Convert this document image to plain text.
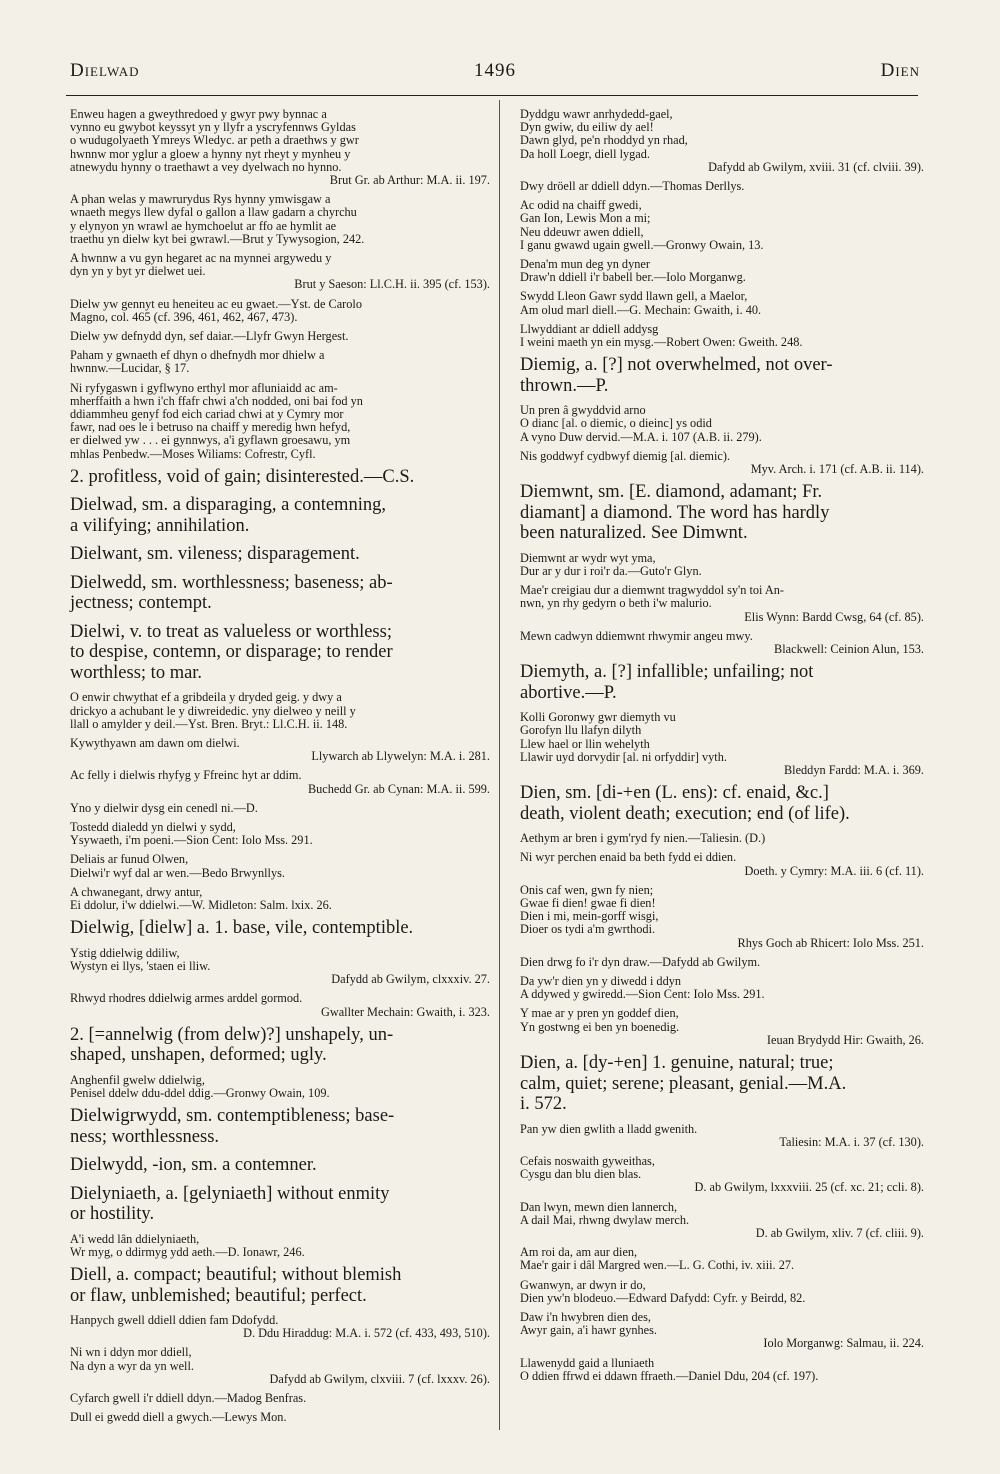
Dielwad	1496	Dien
Enweu hagen a gweythredoed y gwyr pwy bynnac a
vynno eu gwybot keyssyt yn y llyfr a yscryfennws Gyldas
o wudugolyaeth Ymreys Wledyc. ar peth a draethws y gwr
hwnnw mor yglur a gloew a hynny nyt rheyt y mynheu y
atnewydu hynny o traethawt a vey dyelwach no hynno.
Brut Gr. ab Arthur: M.A. ii. 197.
A phan welas y mawrurydus Rys hynny ymwisgaw a
wnaeth megys llew dyfal o gallon a llaw gadarn a chyrchu
y elynyon yn wrawl ae hymchoelut ar ffo ae hymlit ae
traethu yn dielw kyt bei gwrawl.—Brut y Tywysogion, 242.
A hwnnw a vu gyn hegaret ac na mynnei argywedu y
dyn yn y byt yr dielwet uei.
Brut y Saeson: Ll.C.H. ii. 395 (cf. 153).
Dielw yw gennyt eu heneiteu ac eu gwaet.—Yst. de Carolo
Magno, col. 465 (cf. 396, 461, 462, 467, 473).
Dielw yw defnydd dyn, sef daiar.—Llyfr Gwyn Hergest.
Paham y gwnaeth ef dhyn o dhefnydh mor dhielw a
hwnnw.—Lucidar, § 17.
Ni ryfygaswn i gyflwyno erthyl mor afluniaidd ac am-
mherffaith a hwn i'ch ffafr chwi a'ch nodded, oni bai fod yn
ddiammheu genyf fod eich cariad chwi at y Cymry mor
fawr, nad oes le i betruso na chaiff y meredig hwn hefyd,
er dielwed yw . . . ei gynnwys, a'i gyflawn groesawu, ym
mhlas Penbedw.—Moses Wiliams: Cofrestr, Cyfl.
2. profitless, void of gain; disinterested.—C.S.
Dielwad, sm. a disparaging, a contemning,
a vilifying; annihilation.
Dielwant, sm. vileness; disparagement.
Dielwedd, sm. worthlessness; baseness; ab-
jectness; contempt.
Dielwi, v. to treat as valueless or worthless;
to despise, contemn, or disparage; to render
worthless; to mar.
O enwir chwythat ef a gribdeila y dryded geig. y dwy a
drickyo a achubant le y diwreidedic. yny dielweo y neill y
llall o amylder y deil.—Yst. Bren. Bryt.: Ll.C.H. ii. 148.
Kywythyawn am dawn om dielwi.
Llywarch ab Llywelyn: M.A. i. 281.
Ac felly i dielwis rhyfyg y Ffreinc hyt ar ddim.
Buchedd Gr. ab Cynan: M.A. ii. 599.
Yno y dielwir dysg ein cenedl ni.—D.
Tostedd dialedd yn dielwi y sydd,
Ysywaeth, i'm poeni.—Sion Cent: Iolo Mss. 291.
Deliais ar funud Olwen,
Dielwi'r wyf dal ar wen.—Bedo Brwynllys.
A chwanegant, drwy antur,
Ei ddolur, i'w ddielwi.—W. Midleton: Salm. lxix. 26.
Dielwig, [dielw] a. 1. base, vile, contemptible.
Ystig ddielwig ddiliw,
Wystyn ei llys, 'staen ei lliw.
Dafydd ab Gwilym, clxxxiv. 27.
Rhwyd rhodres ddielwig armes arddel gormod.
Gwallter Mechain: Gwaith, i. 323.
2. [=annelwig (from delw)?] unshapely, un-
shaped, unshapen, deformed; ugly.
Anghenfil gwelw ddielwig,
Penisel ddelw ddu-ddel ddig.—Gronwy Owain, 109.
Dielwigrwydd, sm. contemptibleness; base-
ness; worthlessness.
Dielwydd, -ion, sm. a contemner.
Dielyniaeth, a. [gelyniaeth] without enmity
or hostility.
A'i wedd lân ddielyniaeth,
Wr myg, o ddirmyg ydd aeth.—D. Ionawr, 246.
Diell, a. compact; beautiful; without blemish
or flaw, unblemished; beautiful; perfect.
Hanpych gwell ddiell ddien fam Ddofydd.
D. Ddu Hiraddug: M.A. i. 572 (cf. 433, 493, 510).
Ni wn i ddyn mor ddiell,
Na dyn a wyr da yn well.
Dafydd ab Gwilym, clxviii. 7 (cf. lxxxv. 26).
Cyfarch gwell i'r ddiell ddyn.—Madog Benfras.
Dull ei gwedd diell a gwych.—Lewys Mon.
Dyddgu wawr anrhydedd-gael,
Dyn gwiw, du eiliw dy ael!
Dawn glyd, pe'n rhoddyd yn rhad,
Da holl Loegr, diell lygad.
Dafydd ab Gwilym, xviii. 31 (cf. clviii. 39).
Dwy dröell ar ddiell ddyn.—Thomas Derllys.
Ac odid na chaiff gwedi,
Gan Ion, Lewis Mon a mi;
Neu ddeuwr awen ddiell,
I ganu gwawd ugain gwell.—Gronwy Owain, 13.
Dena'm mun deg yn dyner
Draw'n ddiell i'r babell ber.—Iolo Morganwg.
Swydd Lleon Gawr sydd llawn gell, a Maelor,
Am olud marl diell.—G. Mechain: Gwaith, i. 40.
Llwyddiant ar ddiell addysg
I weini maeth yn ein mysg.—Robert Owen: Gweith. 248.
Diemig, a. [?] not overwhelmed, not over-
thrown.—P.
Un pren â gwyddvid arno
O dianc [al. o diemic, o dieinc] ys odid
A vyno Duw dervid.—M.A. i. 107 (A.B. ii. 279).
Nis goddwyf cydbwyf diemig [al. diemic).
Myv. Arch. i. 171 (cf. A.B. ii. 114).
Diemwnt, sm. [E. diamond, adamant; Fr.
diamant] a diamond. The word has hardly
been naturalized. See Dimwnt.
Diemwnt ar wydr wyt yma,
Dur ar y dur i roi'r da.—Guto'r Glyn.
Mae'r creigiau dur a diemwnt tragwyddol sy'n toi An-
nwn, yn rhy gedyrn o beth i'w malurio.
Elis Wynn: Bardd Cwsg, 64 (cf. 85).
Mewn cadwyn ddiemwnt rhwymir angeu mwy.
Blackwell: Ceinion Alun, 153.
Diemyth, a. [?] infallible; unfailing; not
abortive.—P.
Kolli Goronwy gwr diemyth vu
Gorofyn llu llafyn dilyth
Llew hael or llin wehelyth
Llawir uyd dorvydir [al. ni orfyddir] vyth.
Bleddyn Fardd: M.A. i. 369.
Dien, sm. [di-+en (L. ens): cf. enaid, &c.]
death, violent death; execution; end (of life).
Aethym ar bren i gym'ryd fy nien.—Taliesin. (D.)
Ni wyr perchen enaid ba beth fydd ei ddien.
Doeth. y Cymry: M.A. iii. 6 (cf. 11).
Onis caf wen, gwn fy nien;
Gwae fi dien! gwae fi dien!
Dien i mi, mein-gorff wisgi,
Dioer os tydi a'm gwrthodi.
Rhys Goch ab Rhicert: Iolo Mss. 251.
Dien drwg fo i'r dyn draw.—Dafydd ab Gwilym.
Da yw'r dien yn y diwedd i ddyn
A ddywed y gwiredd.—Sion Cent: Iolo Mss. 291.
Y mae ar y pren yn goddef dien,
Yn gostwng ei ben yn boenedig.
Ieuan Brydydd Hir: Gwaith, 26.
Dien, a. [dy-+en] 1. genuine, natural; true;
calm, quiet; serene; pleasant, genial.—M.A.
i. 572.
Pan yw dien gwlith a lladd gwenith.
Taliesin: M.A. i. 37 (cf. 130).
Cefais noswaith gyweithas,
Cysgu dan blu dien blas.
D. ab Gwilym, lxxxviii. 25 (cf. xc. 21; ccli. 8).
Dan lwyn, mewn dien lannerch,
A dail Mai, rhwng dwylaw merch.
D. ab Gwilym, xliv. 7 (cf. cliii. 9).
Am roi da, am aur dien,
Mae'r gair i dâl Margred wen.—L. G. Cothi, iv. xiii. 27.
Gwanwyn, ar dwyn ir do,
Dien yw'n blodeuo.—Edward Dafydd: Cyfr. y Beirdd, 82.
Daw i'n hwybren dien des,
Awyr gain, a'i hawr gynhes.
Iolo Morganwg: Salmau, ii. 224.
Llawenydd gaid a lluniaeth
O ddien ffrwd ei ddawn ffraeth.—Daniel Ddu, 204 (cf. 197).
